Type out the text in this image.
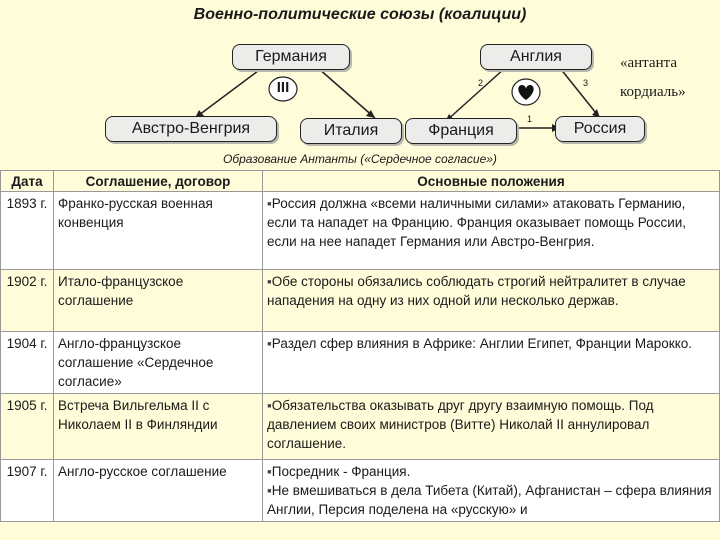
Военно-политические союзы (коалиции)
Германия	Англия
Австро-Венгрия	Италия	Франция	Россия
III	2	3
1
«антанта
кордиаль»
Образование Антанты («Сердечное согласие»)
Дата	Соглашение, договор	Основные положения
1893 г.	Франко-русская военная конвенция	▪Россия должна «всеми наличными силами» атаковать Германию, если та нападет на Францию. Франция оказывает помощь России, если на нее нападет Германия или Австро-Венгрия.
1902 г.	Итало-французское соглашение	▪Обе стороны обязались соблюдать строгий нейтралитет в случае нападения на одну из них одной или несколько держав.
1904 г.	Англо-французское соглашение «Сердечное согласие»	▪Раздел сфер влияния в Африке: Англии Египет, Франции Марокко.
1905 г.	Встреча Вильгельма II с Николаем II в Финляндии	▪Обязательства оказывать друг другу взаимную помощь. Под давлением своих министров (Витте) Николай II аннулировал соглашение.
1907 г.	Англо-русское соглашение	▪Посредник - Франция.
▪Не вмешиваться в дела Тибета (Китай), Афганистан – сфера влияния Англии, Персия поделена на «русскую» и
